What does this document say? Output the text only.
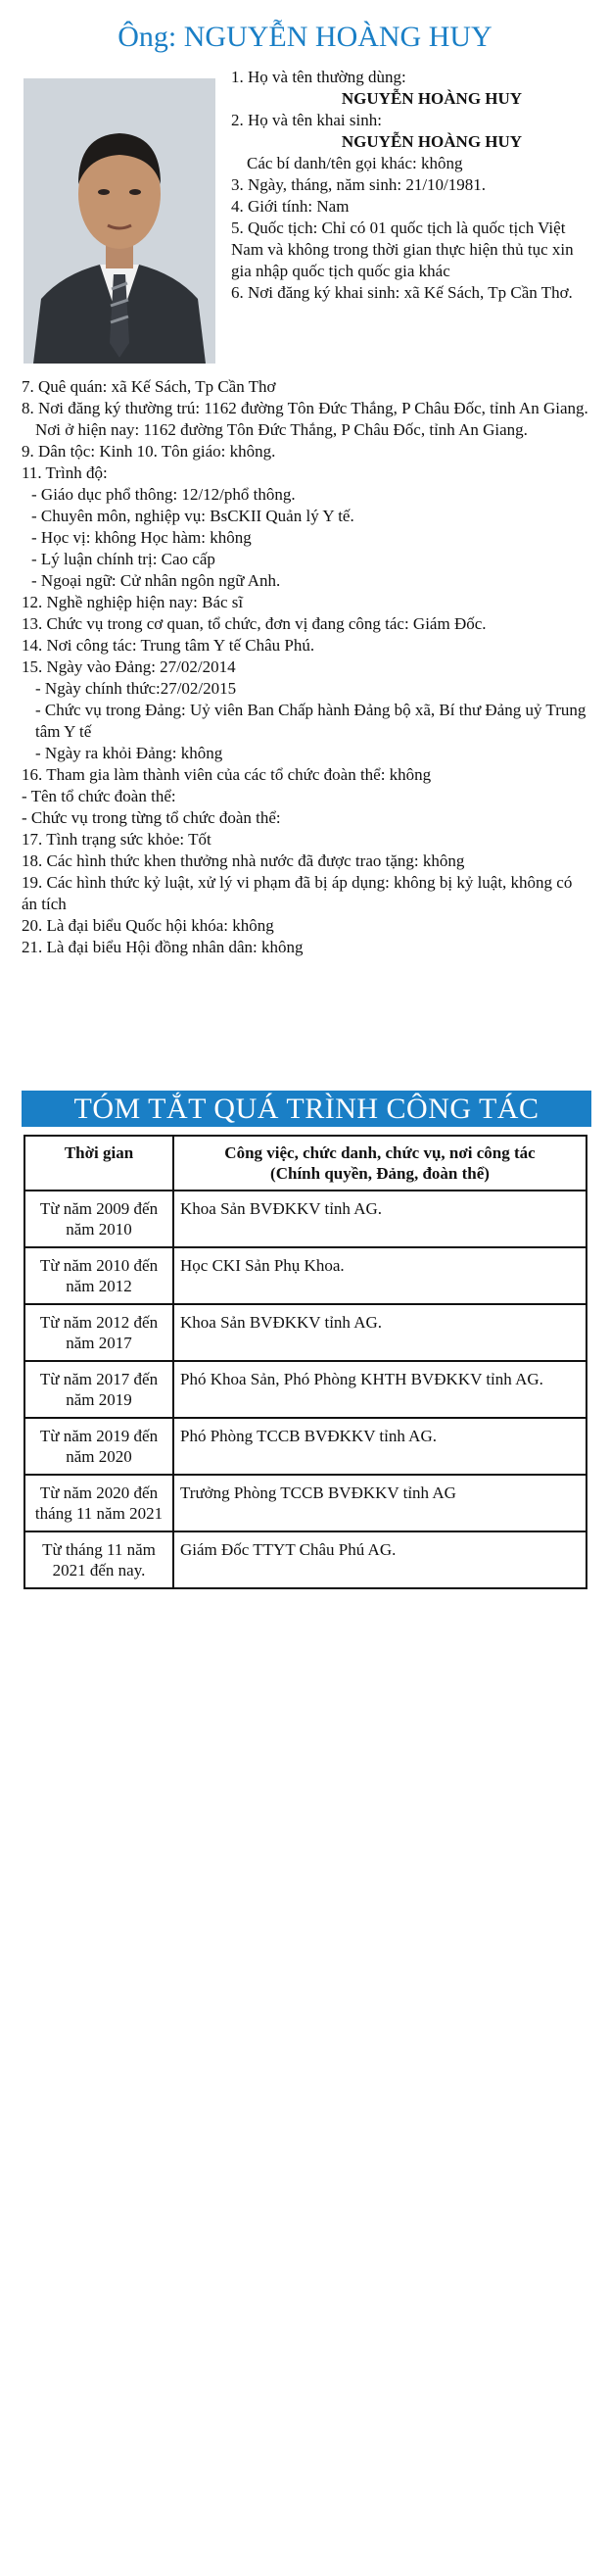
Ông: NGUYỄN HOÀNG HUY

1. Họ và tên thường dùng:

NGUYỄN HOÀNG HUY

2. Họ và tên khai sinh:

NGUYỄN HOÀNG HUY

Các bí danh/tên gọi khác: không

3. Ngày, tháng, năm sinh: 21/10/1981.

4. Giới tính: Nam

5. Quốc tịch: Chỉ có 01 quốc tịch là quốc tịch Việt Nam và không trong thời gian thực hiện thủ tục xin gia nhập quốc tịch quốc gia khác

6. Nơi đăng ký khai sinh: xã Kế Sách, Tp Cần Thơ.

7. Quê quán: xã Kế Sách, Tp Cần Thơ

8. Nơi đăng ký thường trú: 1162 đường Tôn Đức Thắng, P Châu Đốc, tỉnh An Giang.

Nơi ở hiện nay: 1162 đường Tôn Đức Thắng, P Châu Đốc, tỉnh An Giang.

9. Dân tộc: Kinh 10. Tôn giáo: không.

11. Trình độ:

- Giáo dục phổ thông: 12/12/phổ thông.

- Chuyên môn, nghiệp vụ: BsCKII Quản lý Y tế.

- Học vị: không Học hàm: không

- Lý luận chính trị: Cao cấp

- Ngoại ngữ: Cử nhân ngôn ngữ Anh.

12. Nghề nghiệp hiện nay: Bác sĩ

13. Chức vụ trong cơ quan, tổ chức, đơn vị đang công tác: Giám Đốc.

14. Nơi công tác: Trung tâm Y tế Châu Phú.

15. Ngày vào Đảng: 27/02/2014

- Ngày chính thức:27/02/2015

- Chức vụ trong Đảng: Uỷ viên Ban Chấp hành Đảng bộ xã, Bí thư Đảng uỷ Trung tâm Y tế

- Ngày ra khỏi Đảng: không

16. Tham gia làm thành viên của các tổ chức đoàn thể: không

- Tên tổ chức đoàn thể:

- Chức vụ trong từng tổ chức đoàn thể:

17. Tình trạng sức khỏe: Tốt

18. Các hình thức khen thưởng nhà nước đã được trao tặng: không

19. Các hình thức kỷ luật, xử lý vi phạm đã bị áp dụng: không bị kỷ luật, không có án tích

20. Là đại biểu Quốc hội khóa: không

21. Là đại biểu Hội đồng nhân dân: không

TÓM TẮT QUÁ TRÌNH CÔNG TÁC
Thời gian	Công việc, chức danh, chức vụ, nơi công tác
(Chính quyền, Đảng, đoàn thể)

Từ năm 2009 đến năm 2010	Khoa Sản BVĐKKV tỉnh AG.
Từ năm 2010 đến năm 2012	Học CKI Sản Phụ Khoa.
Từ năm 2012 đến năm 2017	Khoa Sản BVĐKKV tỉnh AG.
Từ năm 2017 đến năm 2019	Phó Khoa Sản, Phó Phòng KHTH BVĐKKV tỉnh AG.
Từ năm 2019 đến năm 2020	Phó Phòng TCCB BVĐKKV tỉnh AG.
Từ năm 2020 đến tháng 11 năm 2021	Trưởng Phòng TCCB BVĐKKV tỉnh AG
Từ tháng 11 năm 2021 đến nay.	Giám Đốc TTYT Châu Phú AG.
